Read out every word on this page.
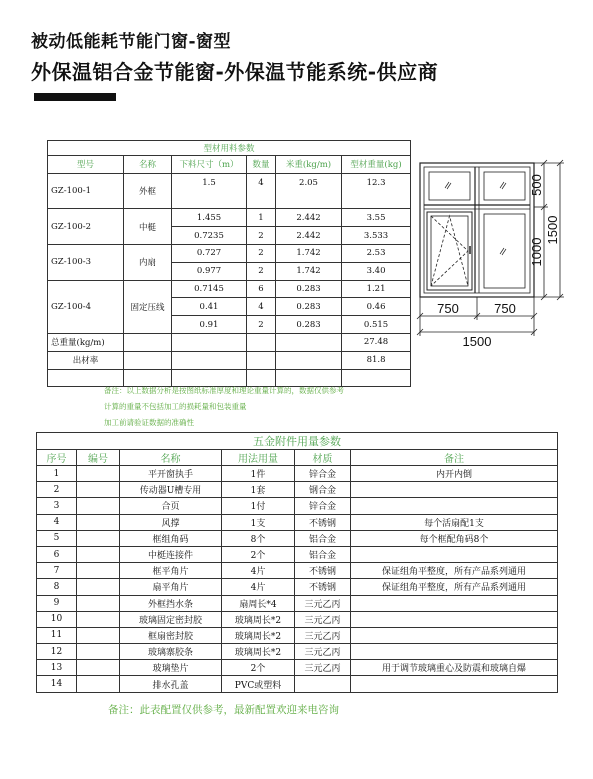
被动低能耗节能门窗-窗型
外保温铝合金节能窗-外保温节能系统-供应商
型材用料参数					
型号	名称	下料尺寸（m）	数量	米重(kg/m)	型材重量(kg)
GZ-100-1	外框	1.5	4	2.05	12.3
GZ-100-2	中梃	1.455	1	2.442	3.55
		0.7235	2	2.442	3.533
GZ-100-3	内扇	0.727	2	1.742	2.53
		0.977	2	1.742	3.40
GZ-100-4	固定压线	0.7145	6	0.283	1.21
		0.41	4	0.283	0.46
		0.91	2	0.283	0.515
总重量(kg/m)					27.48
出材率					81.8

500
1000
1500
750	750
1500
备注：以上数据分析是按图纸标准厚度和理论重量计算的，数据仅供参考
计算的重量不包括加工的损耗量和包装重量
加工前请验证数据的准确性
五金附件用量参数					
序号	编号	名称	用法用量	材质	备注
1		平开窗执手	1件	锌合金	内开内倒
2		传动器U槽专用	1套	钢合金	
3		合页	1付	锌合金	
4		风撑	1支	不锈钢	每个活扇配1支
5		框组角码	8个	铝合金	每个框配角码8个
6		中梃连接件	2个	铝合金	
7		框平角片	4片	不锈钢	保证组角平整度，所有产品系列通用
8		扇平角片	4片	不锈钢	保证组角平整度，所有产品系列通用
9		外框挡水条	扇周长*4	三元乙丙	
10		玻璃固定密封胶	玻璃周长*2	三元乙丙	
11		框扇密封胶	玻璃周长*2	三元乙丙	
12		玻璃寨胶条	玻璃周长*2	三元乙丙	
13		玻璃垫片	2个	三元乙丙	用于调节玻璃重心及防震和玻璃自爆
14		排水孔盖	PVC或塑料		
备注：此表配置仅供参考，最新配置欢迎来电咨询
